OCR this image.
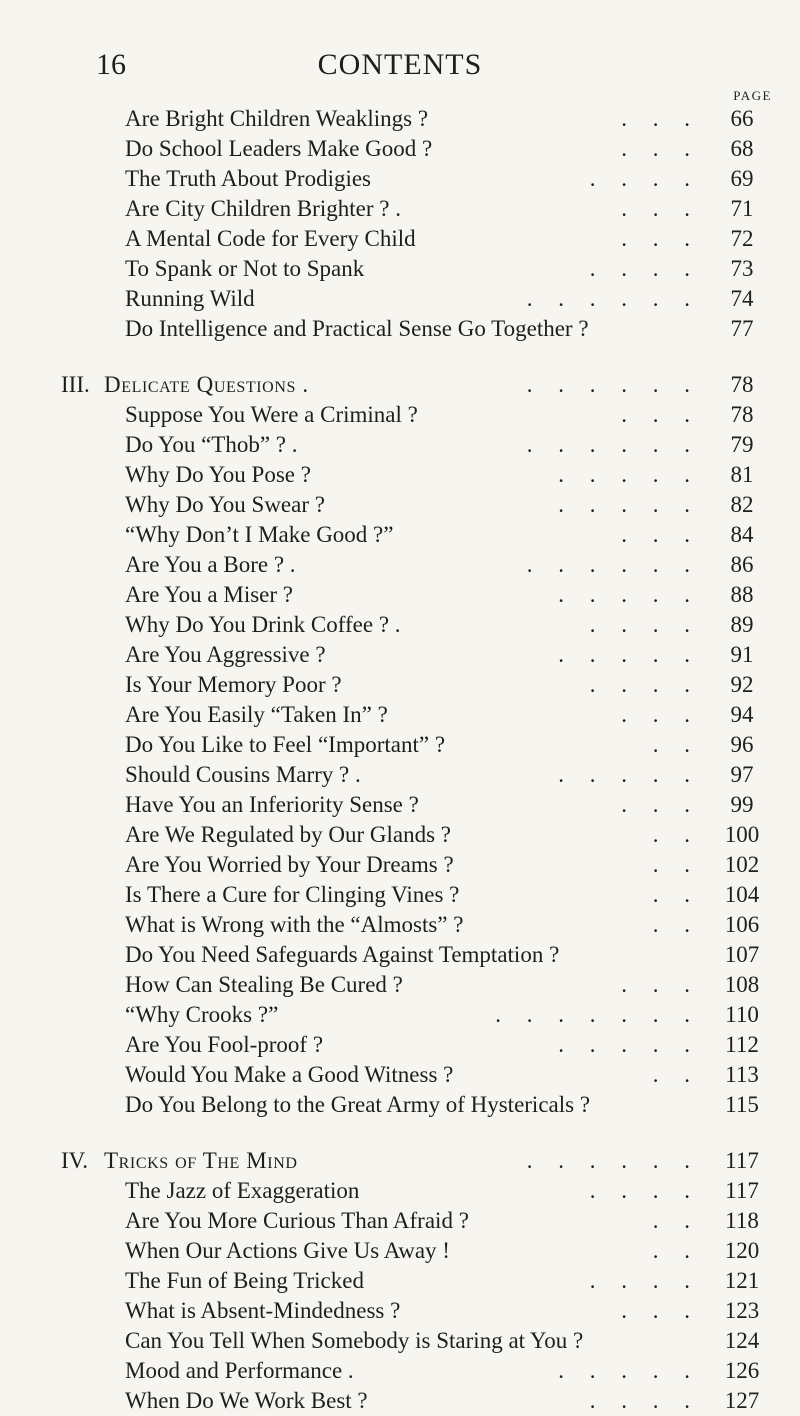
16	CONTENTS
PAGE
Are Bright Children Weaklings ?	. . .	66
Do School Leaders Make Good ?	. . .	68
The Truth About Prodigies	. . . .	69
Are City Children Brighter ? .	. . .	71
A Mental Code for Every Child	. . .	72
To Spank or Not to Spank	. . . .	73
Running Wild	. . . . . .	74
Do Intelligence and Practical Sense Go Together ?	77
III. Delicate Questions .	. . . . . .	78
Suppose You Were a Criminal ?	. . .	78
Do You “Thob” ? .	. . . . . .	79
Why Do You Pose ?	. . . . .	81
Why Do You Swear ?	. . . . .	82
“Why Don’t I Make Good ?”	. . .	84
Are You a Bore ? .	. . . . . .	86
Are You a Miser ?	. . . . .	88
Why Do You Drink Coffee ? .	. . . .	89
Are You Aggressive ?	. . . . .	91
Is Your Memory Poor ?	. . . .	92
Are You Easily “Taken In” ?	. . .	94
Do You Like to Feel “Important” ?	. .	96
Should Cousins Marry ? .	. . . . .	97
Have You an Inferiority Sense ?	. . .	99
Are We Regulated by Our Glands ?	. .	100
Are You Worried by Your Dreams ?	. .	102
Is There a Cure for Clinging Vines ?	. .	104
What is Wrong with the “Almosts” ?	. .	106
Do You Need Safeguards Against Temptation ?	107
How Can Stealing Be Cured ?	. . .	108
“Why Crooks ?”	. . . . . . .	110
Are You Fool-proof ?	. . . . .	112
Would You Make a Good Witness ?	. .	113
Do You Belong to the Great Army of Hystericals ?	115
IV. Tricks of The Mind	. . . . . .	117
The Jazz of Exaggeration	. . . .	117
Are You More Curious Than Afraid ?	. .	118
When Our Actions Give Us Away !	. .	120
The Fun of Being Tricked	. . . .	121
What is Absent-Mindedness ?	. . .	123
Can You Tell When Somebody is Staring at You ?	124
Mood and Performance .	. . . . .	126
When Do We Work Best ?	. . . .	127
